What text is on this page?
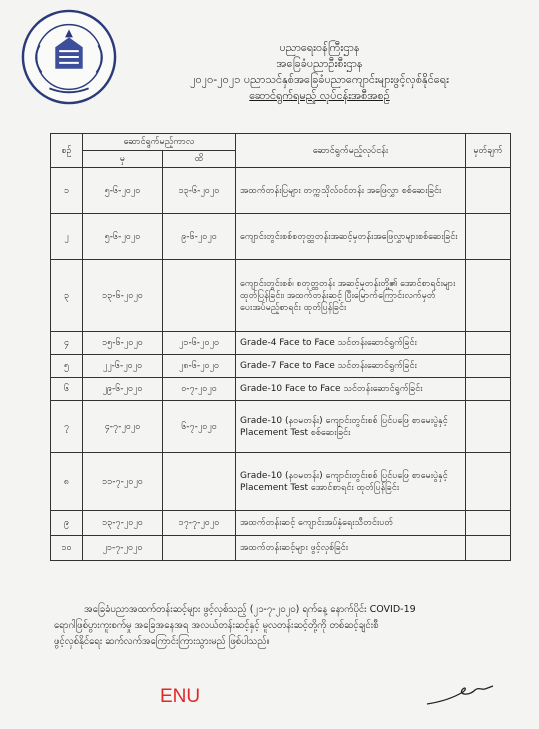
ပညာရေးဝန်ကြီးဌာန
အခြေခံပညာဦးစီးဌာန
၂၀၂၀-၂၀၂၁ ပညာသင်နှစ်အခြေခံပညာကျောင်းများဖွင့်လှစ်နိုင်ရေး
ဆောင်ရွက်ရမည့် လုပ်ငန်းအစီအစဉ်
စဉ်	ဆောင်ရွက်မည့်ကာလ		ဆောင်ရွက်မည့်လုပ်ငန်း	မှတ်ချက်
	မှ	ထိ		
၁	၅-၆-၂၀၂၀	၁၃-၆-၂၀၂၀	အထက်တန်းပြများ တက္ကသိုလ်ဝင်တန်း အဖြေလွှာ စစ်ဆေးခြင်း	
၂	၅-၆-၂၀၂၀	၉-၆-၂၀၂၀	ကျောင်းတွင်းစစ်စတုတ္ထတန်းအဆင့်မှတန်းအဖြေလွှာများစစ်ဆေးခြင်း	
၃	၁၃-၆-၂၀၂၀		ကျောင်းတွင်းစစ်၊ စတုတ္ထတန်း အဆင့်မှတန်းတို့၏ အောင်စာရင်းများထုတ်ပြန်ခြင်း၊ အထက်တန်းဆင့် ပြီးမြောက်ကြောင်းလက်မှတ်ပေးအပ်မည့်စာရင်း ထုတ်ပြန်ခြင်း	
၄	၁၅-၆-၂၀၂၀	၂၁-၆-၂၀၂၀	Grade-4 Face to Face သင်တန်းဆောင်ရွက်ခြင်း	
၅	၂၂-၆-၂၀၂၀	၂၈-၆-၂၀၂၀	Grade-7 Face to Face သင်တန်းဆောင်ရွက်ခြင်း	
၆	၂၉-၆-၂၀၂၀	၀-၇-၂၀၂၀	Grade-10 Face to Face သင်တန်းဆောင်ရွက်ခြင်း	
၇	၄-၇-၂၀၂၀	၆-၇-၂၀၂၀	Grade-10 (နဝမတန်း) ကျောင်းတွင်းစစ် ပြင်ပဖြေ စာမေးပွဲနှင့် Placement Test စစ်ဆေးခြင်း	
၈	၁၁-၇-၂၀၂၀		Grade-10 (နဝမတန်း) ကျောင်းတွင်းစစ် ပြင်ပဖြေ စာမေးပွဲနှင့် Placement Test အောင်စာရင်း ထုတ်ပြန်ခြင်း	
၉	၁၃-၇-၂၀၂၀	၁၇-၇-၂၀၂၀	အထက်တန်းဆင့် ကျောင်းအပ်နှံရေးသီတင်းပတ်	
၁၀	၂၁-၇-၂၀၂၀		အထက်တန်းဆင့်များ ဖွင့်လှစ်ခြင်း	
အခြေခံပညာအထက်တန်းဆင့်များ ဖွင့်လှစ်သည့် (၂၁-၇-၂၀၂၀) ရက်နေ့ နောက်ပိုင်း COVID-19
ရောဂါဖြစ်ပွားကူးစက်မှု အခြေအနေအရ အလယ်တန်းဆင့်နှင့် မူလတန်းဆင့်တို့ကို တစ်ဆင့်ချင်းစီ
ဖွင့်လှစ်နိုင်ရေး ဆက်လက်အကြောင်းကြားသွားမည် ဖြစ်ပါသည်။
ENU
